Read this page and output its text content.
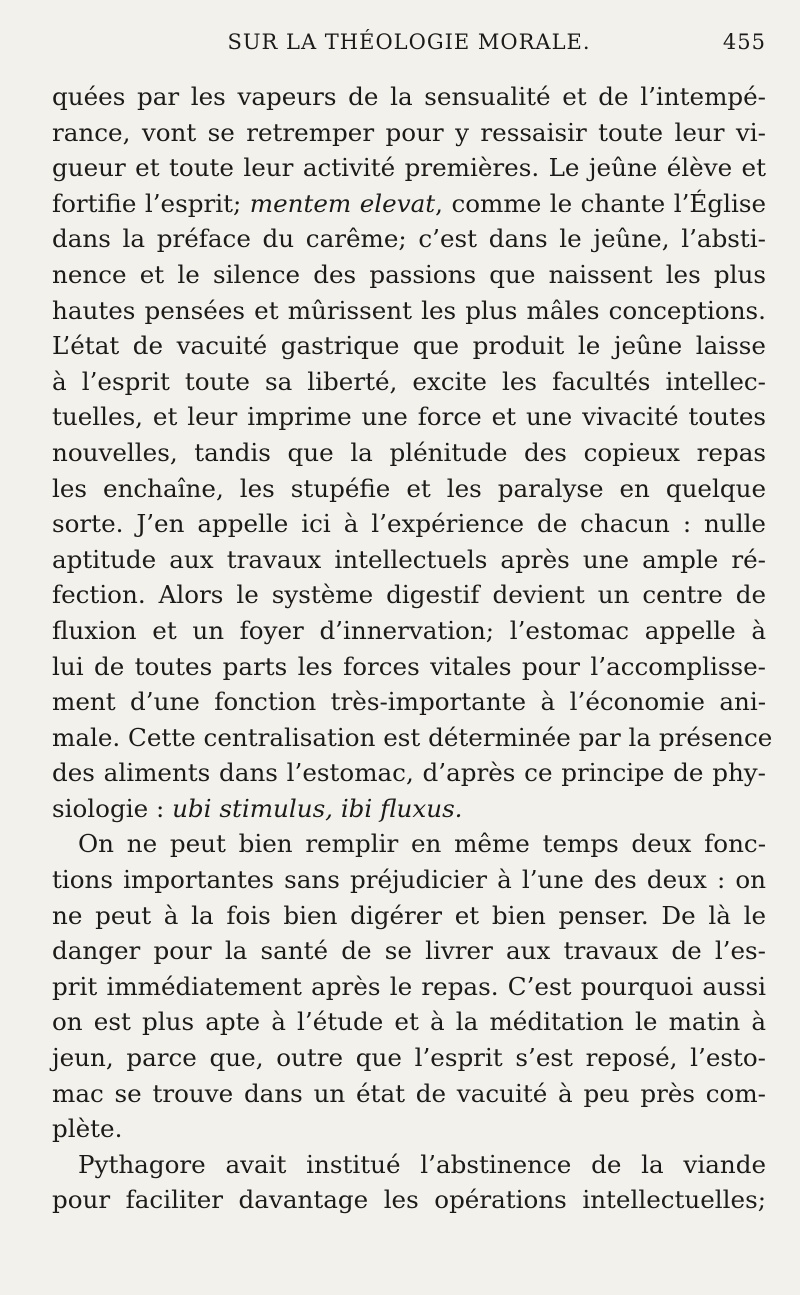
SUR LA THÉOLOGIE MORALE.	455
quées par les vapeurs de la sensualité et de l’intempé-
rance, vont se retremper pour y ressaisir toute leur vi-
gueur et toute leur activité premières. Le jeûne élève et
fortifie l’esprit; mentem elevat, comme le chante l’Église
dans la préface du carême; c’est dans le jeûne, l’absti-
nence et le silence des passions que naissent les plus
hautes pensées et mûrissent les plus mâles conceptions.
L’état de vacuité gastrique que produit le jeûne laisse
à l’esprit toute sa liberté, excite les facultés intellec-
tuelles, et leur imprime une force et une vivacité toutes
nouvelles, tandis que la plénitude des copieux repas
les enchaîne, les stupéfie et les paralyse en quelque
sorte. J’en appelle ici à l’expérience de chacun : nulle
aptitude aux travaux intellectuels après une ample ré-
fection. Alors le système digestif devient un centre de
fluxion et un foyer d’innervation; l’estomac appelle à
lui de toutes parts les forces vitales pour l’accomplisse-
ment d’une fonction très-importante à l’économie ani-
male. Cette centralisation est déterminée par la présence
des aliments dans l’estomac, d’après ce principe de phy-
siologie : ubi stimulus, ibi fluxus.
On ne peut bien remplir en même temps deux fonc-
tions importantes sans préjudicier à l’une des deux : on
ne peut à la fois bien digérer et bien penser. De là le
danger pour la santé de se livrer aux travaux de l’es-
prit immédiatement après le repas. C’est pourquoi aussi
on est plus apte à l’étude et à la méditation le matin à
jeun, parce que, outre que l’esprit s’est reposé, l’esto-
mac se trouve dans un état de vacuité à peu près com-
plète.
Pythagore avait institué l’abstinence de la viande
pour faciliter davantage les opérations intellectuelles;
